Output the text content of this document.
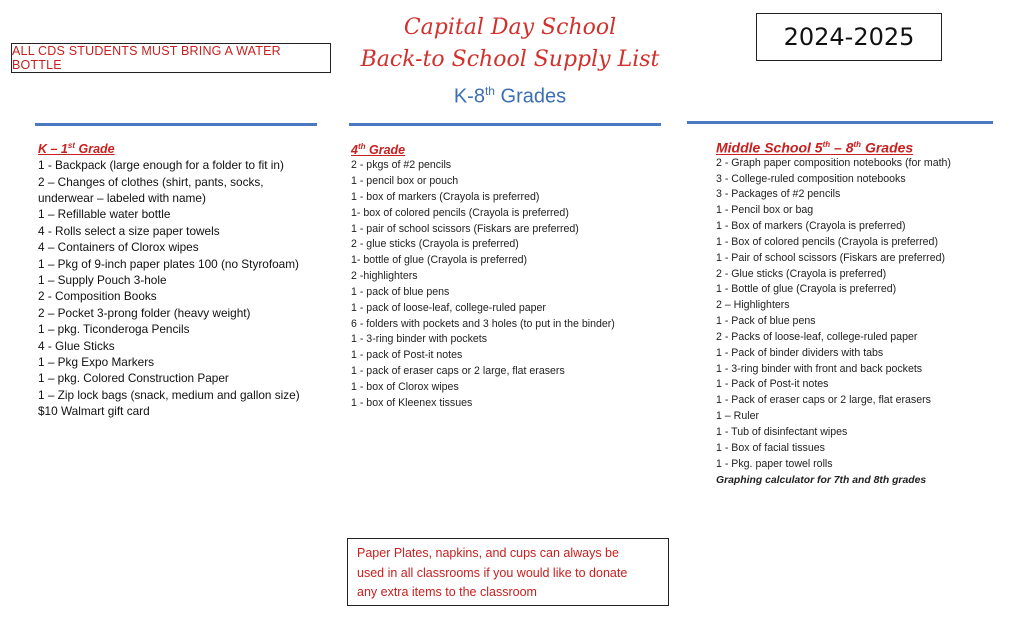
ALL CDS STUDENTS MUST BRING A WATER BOTTLE
Capital Day School
Back-to School Supply List
K-8th Grades
2024-2025
K – 1st Grade
1 - Backpack (large enough for a folder to fit in)
2 – Changes of clothes (shirt, pants, socks,
underwear – labeled with name)
1 – Refillable water bottle
4 - Rolls select a size paper towels
4 – Containers of Clorox wipes
1 – Pkg of 9-inch paper plates 100 (no Styrofoam)
1 – Supply Pouch 3-hole
2 - Composition Books
2 – Pocket 3-prong folder (heavy weight)
1 – pkg. Ticonderoga Pencils
4 - Glue Sticks
1 – Pkg Expo Markers
1 – pkg. Colored Construction Paper
1 – Zip lock bags (snack, medium and gallon size)
$10 Walmart gift card
4th Grade
2 - pkgs of #2 pencils
1 - pencil box or pouch
1 - box of markers (Crayola is preferred)
1- box of colored pencils (Crayola is preferred)
1 - pair of school scissors (Fiskars are preferred)
2 - glue sticks (Crayola is preferred)
1- bottle of glue (Crayola is preferred)
2 -highlighters
1 - pack of blue pens
1 - pack of loose-leaf, college-ruled paper
6 - folders with pockets and 3 holes (to put in the binder)
1 - 3-ring binder with pockets
1 - pack of Post-it notes
1 - pack of eraser caps or 2 large, flat erasers
1 - box of Clorox wipes
1 - box of Kleenex tissues
Middle School 5th – 8th Grades
2 - Graph paper composition notebooks (for math)
3 - College-ruled composition notebooks
3 - Packages of #2 pencils
1 - Pencil box or bag
1 - Box of markers (Crayola is preferred)
1 - Box of colored pencils (Crayola is preferred)
1 - Pair of school scissors (Fiskars are preferred)
2 - Glue sticks (Crayola is preferred)
1 - Bottle of glue (Crayola is preferred)
2 – Highlighters
1 - Pack of blue pens
2 - Packs of loose-leaf, college-ruled paper
1 - Pack of binder dividers with tabs
1 - 3-ring binder with front and back pockets
1 - Pack of Post-it notes
1 - Pack of eraser caps or 2 large, flat erasers
1 – Ruler
1 - Tub of disinfectant wipes
1 - Box of facial tissues
1 - Pkg. paper towel rolls
Graphing calculator for 7th and 8th grades
Paper Plates, napkins, and cups can always be
used in all classrooms if you would like to donate
any extra items to the classroom
